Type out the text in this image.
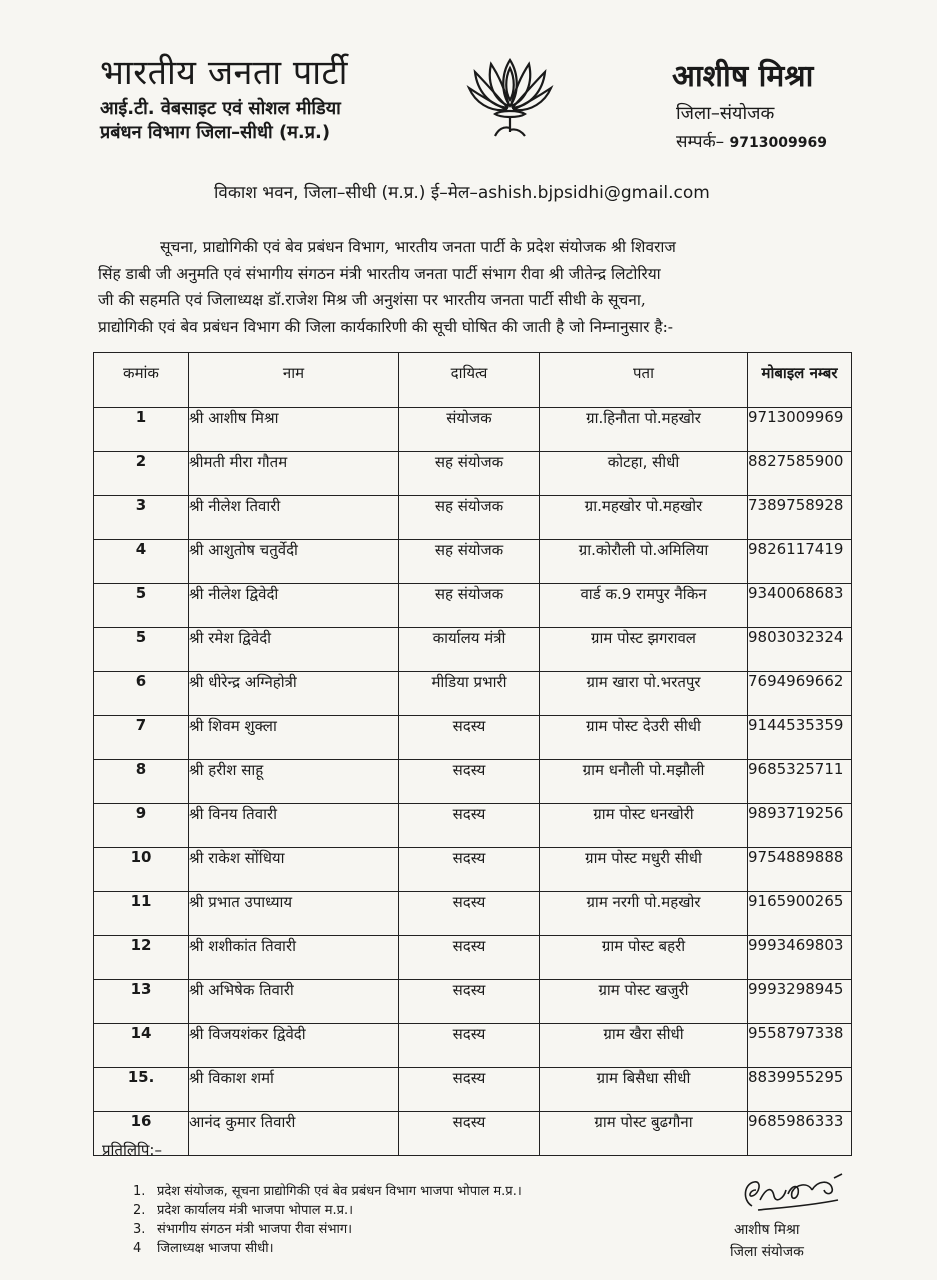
भारतीय जनता पार्टी
आई.टी. वेबसाइट एवं सोशल मीडिया
प्रबंधन विभाग जिला–सीधी (म.प्र.)
आशीष मिश्रा
जिला–संयोजक
सम्पर्क– 9713009969
विकाश भवन, जिला–सीधी (म.प्र.) ई–मेल–ashish.bjpsidhi@gmail.com
सूचना, प्राद्योगिकी एवं बेव प्रबंधन विभाग, भारतीय जनता पार्टी के प्रदेश संयोजक श्री शिवराज
सिंह डाबी जी अनुमति एवं संभागीय संगठन मंत्री भारतीय जनता पार्टी संभाग रीवा श्री जीतेन्द्र लिटोरिया
जी की सहमति एवं जिलाध्यक्ष डॉ.राजेश मिश्र जी अनुशंसा पर भारतीय जनता पार्टी सीधी के सूचना,
प्राद्योगिकी एवं बेव प्रबंधन विभाग की जिला कार्यकारिणी की सूची घोषित की जाती है जो निम्नानुसार है:-
कमांक	नाम	दायित्व	पता	मोबाइल नम्बर
1	श्री आशीष मिश्रा	संयोजक	ग्रा.हिनौता पो.महखोर	9713009969
2	श्रीमती मीरा गौतम	सह संयोजक	कोटहा, सीधी	8827585900
3	श्री नीलेश तिवारी	सह संयोजक	ग्रा.महखोर पो.महखोर	7389758928
4	श्री आशुतोष चतुर्वेदी	सह संयोजक	ग्रा.कोरौली पो.अमिलिया	9826117419
5	श्री नीलेश द्विवेदी	सह संयोजक	वार्ड क.9 रामपुर नैकिन	9340068683
5	श्री रमेश द्विवेदी	कार्यालय मंत्री	ग्राम पोस्ट झगरावल	9803032324
6	श्री धीरेन्द्र अग्निहोत्री	मीडिया प्रभारी	ग्राम खारा पो.भरतपुर	7694969662
7	श्री शिवम शुक्ला	सदस्य	ग्राम पोस्ट देउरी सीधी	9144535359
8	श्री हरीश साहू	सदस्य	ग्राम धनौली पो.मझौली	9685325711
9	श्री विनय तिवारी	सदस्य	ग्राम पोस्ट धनखोरी	9893719256
10	श्री राकेश सोंधिया	सदस्य	ग्राम पोस्ट मधुरी सीधी	9754889888
11	श्री प्रभात उपाध्याय	सदस्य	ग्राम नरगी पो.महखोर	9165900265
12	श्री शशीकांत तिवारी	सदस्य	ग्राम पोस्ट बहरी	9993469803
13	श्री अभिषेक तिवारी	सदस्य	ग्राम पोस्ट खजुरी	9993298945
14	श्री विजयशंकर द्विवेदी	सदस्य	ग्राम खैरा सीधी	9558797338
15.	श्री विकाश शर्मा	सदस्य	ग्राम बिसैधा सीधी	8839955295
16	आनंद कुमार तिवारी	सदस्य	ग्राम पोस्ट बुढगौना	9685986333
प्रतिलिपि:–
1. प्रदेश संयोजक, सूचना प्राद्योगिकी एवं बेव प्रबंधन विभाग भाजपा भोपाल म.प्र.।
2. प्रदेश कार्यालय मंत्री भाजपा भोपाल म.प्र.।
3. संभागीय संगठन मंत्री भाजपा रीवा संभाग।
4 जिलाध्यक्ष भाजपा सीधी।
आशीष मिश्रा
जिला संयोजक
